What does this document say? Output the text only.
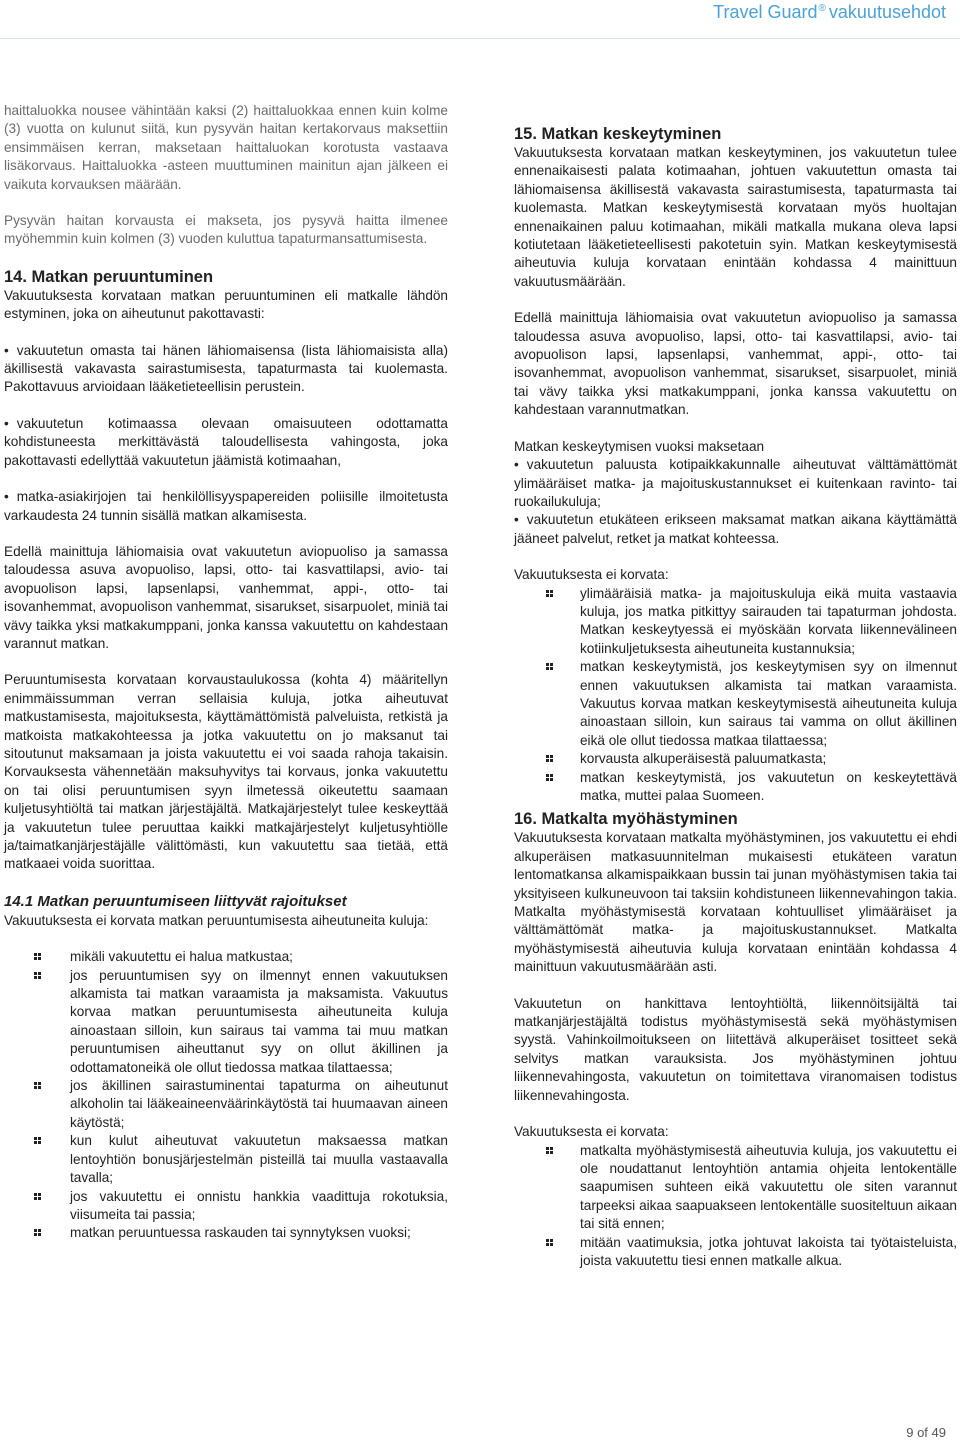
Travel Guard® vakuutusehdot

haittaluokka nousee vähintään kaksi (2) haittaluokkaa ennen kuin kolme (3) vuotta on kulunut siitä, kun pysyvän haitan kertakorvaus maksettiin ensimmäisen kerran, maksetaan haittaluokan korotusta vastaava lisäkorvaus. Haittaluokka -asteen muuttuminen mainitun ajan jälkeen ei vaikuta korvauksen määrään.

Pysyvän haitan korvausta ei makseta, jos pysyvä haitta ilmenee myöhemmin kuin kolmen (3) vuoden kuluttua tapaturmansattumisesta.

14. Matkan peruuntuminen

Vakuutuksesta korvataan matkan peruuntuminen eli matkalle lähdön estyminen, joka on aiheutunut pakottavasti:

• vakuutetun omasta tai hänen lähiomaisensa (lista lähiomaisista alla) äkillisestä vakavasta sairastumisesta, tapaturmasta tai kuolemasta. Pakottavuus arvioidaan lääketieteellisin perustein.
• vakuutetun kotimaassa olevaan omaisuuteen odottamatta kohdistuneesta merkittävästä taloudellisesta vahingosta, joka pakottavasti edellyttää vakuutetun jäämistä kotimaahan,
• matka-asiakirjojen tai henkilöllisyyspapereiden poliisille ilmoitetusta varkaudesta 24 tunnin sisällä matkan alkamisesta.

Edellä mainittuja lähiomaisia ovat vakuutetun aviopuoliso ja samassa taloudessa asuva avopuoliso, lapsi, otto- tai kasvattilapsi, avio- tai avopuolison lapsi, lapsenlapsi, vanhemmat, appi-, otto- tai isovanhemmat, avopuolison vanhemmat, sisarukset, sisarpuolet, miniä tai vävy taikka yksi matkakumppani, jonka kanssa vakuutettu on kahdestaan varannut matkan.

Peruuntumisesta korvataan korvaustaulukossa (kohta 4) määritellyn enimmäissumman verran sellaisia kuluja, jotka aiheutuvat matkustamisesta, majoituksesta, käyttämättömistä palveluista, retkistä ja matkoista matkakohteessa ja jotka vakuutettu on jo maksanut tai sitoutunut maksamaan ja joista vakuutettu ei voi saada rahoja takaisin. Korvauksesta vähennetään maksuhyvitys tai korvaus, jonka vakuutettu on tai olisi peruuntumisen syyn ilmetessä oikeutettu saamaan kuljetusyhtiöltä tai matkan järjestäjältä. Matkajärjestelyt tulee keskeyttää ja vakuutetun tulee peruuttaa kaikki matkajärjestelyt kuljetusyhtiölle ja/taimatkanjärjestäjälle välittömästi, kun vakuutettu saa tietää, että matkaaei voida suorittaa.

14.1 Matkan peruuntumiseen liittyvät rajoitukset

Vakuutuksesta ei korvata matkan peruuntumisesta aiheutuneita kuluja:

mikäli vakuutettu ei halua matkustaa;
jos peruuntumisen syy on ilmennyt ennen vakuutuksen alkamista tai matkan varaamista ja maksamista. Vakuutus korvaa matkan peruuntumisesta aiheutuneita kuluja ainoastaan silloin, kun sairaus tai vamma tai muu matkan peruuntumisen aiheuttanut syy on ollut äkillinen ja odottamatoneikä ole ollut tiedossa matkaa tilattaessa;
jos äkillinen sairastuminentai tapaturma on aiheutunut alkoholin tai lääkeaineenväärinkäytöstä tai huumaavan aineen käytöstä;
kun kulut aiheutuvat vakuutetun maksaessa matkan lentoyhtiön bonusjärjestelmän pisteillä tai muulla vastaavalla tavalla;
jos vakuutettu ei onnistu hankkia vaadittuja rokotuksia, viisumeita tai passia;
matkan peruuntuessa raskauden tai synnytyksen vuoksi;
15. Matkan keskeytyminen

Vakuutuksesta korvataan matkan keskeytyminen, jos vakuutetun tulee ennenaikaisesti palata kotimaahan, johtuen vakuutettun omasta tai lähiomaisensa äkillisestä vakavasta sairastumisesta, tapaturmasta tai kuolemasta. Matkan keskeytymisestä korvataan myös huoltajan ennenaikainen paluu kotimaahan, mikäli matkalla mukana oleva lapsi kotiutetaan lääketieteellisesti pakotetuin syin. Matkan keskeytymisestä aiheutuvia kuluja korvataan enintään kohdassa 4 mainittuun vakuutusmäärään.

Edellä mainittuja lähiomaisia ovat vakuutetun aviopuoliso ja samassa taloudessa asuva avopuoliso, lapsi, otto- tai kasvattilapsi, avio- tai avopuolison lapsi, lapsenlapsi, vanhemmat, appi-, otto- tai isovanhemmat, avopuolison vanhemmat, sisarukset, sisarpuolet, miniä tai vävy taikka yksi matkakumppani, jonka kanssa vakuutettu on kahdestaan varannutmatkan.

Matkan keskeytymisen vuoksi maksetaan

• vakuutetun paluusta kotipaikkakunnalle aiheutuvat välttämättömät ylimääräiset matka- ja majoituskustannukset ei kuitenkaan ravinto- tai ruokailukuluja;
• vakuutetun etukäteen erikseen maksamat matkan aikana käyttämättä jääneet palvelut, retket ja matkat kohteessa.

Vakuutuksesta ei korvata:

ylimääräisiä matka- ja majoituskuluja eikä muita vastaavia kuluja, jos matka pitkittyy sairauden tai tapaturman johdosta. Matkan keskeytyessä ei myöskään korvata liikennevälineen kotiinkuljetuksesta aiheutuneita kustannuksia;
matkan keskeytymistä, jos keskeytymisen syy on ilmennut ennen vakuutuksen alkamista tai matkan varaamista. Vakuutus korvaa matkan keskeytymisestä aiheutuneita kuluja ainoastaan silloin, kun sairaus tai vamma on ollut äkillinen eikä ole ollut tiedossa matkaa tilattaessa;
korvausta alkuperäisestä paluumatkasta;
matkan keskeytymistä, jos vakuutetun on keskeytettävä matka, muttei palaa Suomeen.
16. Matkalta myöhästyminen

Vakuutuksesta korvataan matkalta myöhästyminen, jos vakuutettu ei ehdi alkuperäisen matkasuunnitelman mukaisesti etukäteen varatun lentomatkansa alkamispaikkaan bussin tai junan myöhästymisen takia tai yksityiseen kulkuneuvoon tai taksiin kohdistuneen liikennevahingon takia. Matkalta myöhästymisestä korvataan kohtuulliset ylimääräiset ja välttämättömät matka- ja majoituskustannukset. Matkalta myöhästymisestä aiheutuvia kuluja korvataan enintään kohdassa 4 mainittuun vakuutusmäärään asti.

Vakuutetun on hankittava lentoyhtiöltä, liikennöitsijältä tai matkanjärjestäjältä todistus myöhästymisestä sekä myöhästymisen syystä. Vahinkoilmoitukseen on liitettävä alkuperäiset tositteet sekä selvitys matkan varauksista. Jos myöhästyminen johtuu liikennevahingosta, vakuutetun on toimitettava viranomaisen todistus liikennevahingosta.

Vakuutuksesta ei korvata:

matkalta myöhästymisestä aiheutuvia kuluja, jos vakuutettu ei ole noudattanut lentoyhtiön antamia ohjeita lentokentälle saapumisen suhteen eikä vakuutettu ole siten varannut tarpeeksi aikaa saapuakseen lentokentälle suositeltuun aikaan tai sitä ennen;
mitään vaatimuksia, jotka johtuvat lakoista tai työtaisteluista, joista vakuutettu tiesi ennen matkalle alkua.
9 of 49
